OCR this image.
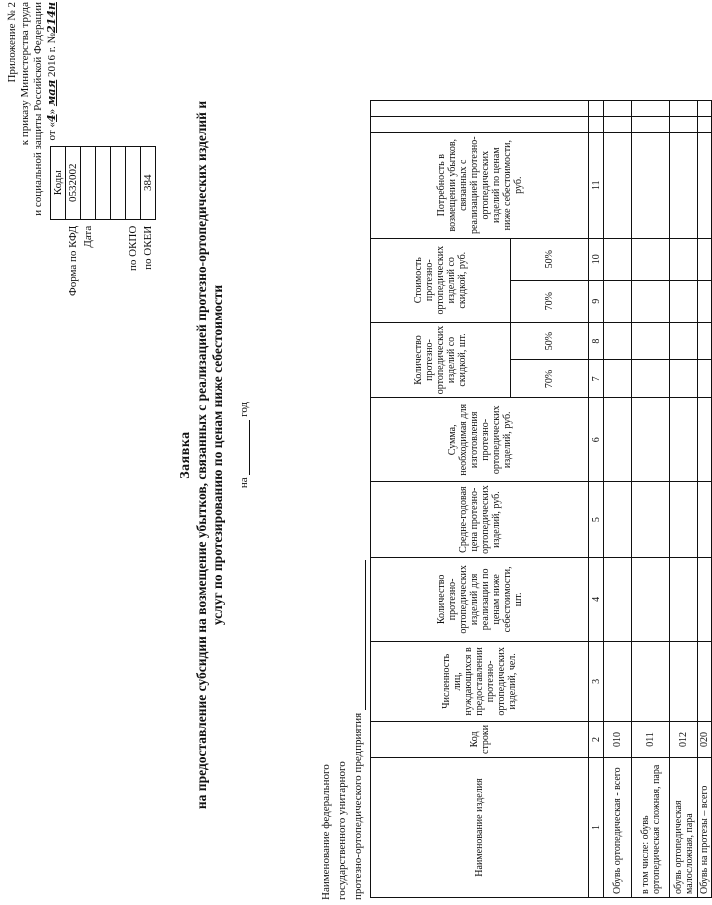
Приложение № 2 к приказу Министерства труда и социальной защиты Российской Федерации от «4» мая 2016 г. №214н
Заявка на предоставление субсидии на возмещение убытков, связанных с реализацией протезно-ортопедических изделий и услуг по протезированию по ценам ниже себестоимости на  год
	Коды
Форма по КФД	0532002
Дата	

по ОКПО	
по ОКЕИ	384
Наименование федерального государственного унитарного протезно-ортопедического предприятия	Наименование изделия	Код строки	Численность лиц, нуждающихся в предоставлении протезно-ортопедических изделий, чел.	Количество протезно-ортопедических изделий для реализации по ценам ниже себестоимости, шт.	Средне-годовая цена протезно-ортопедических изделий, руб.	Сумма, необходимая для изготовления протезно-ортопедических изделий, руб.	Количество протезно-ортопедических изделий со скидкой, шт.		Стоимость протезно-ортопедических изделий со скидкой, руб.		Потребность в возмещении убытков, связанных с реализацией протезно-ортопедических изделий по ценам ниже себестоимости, руб.		
						70%	50%	70%	50%			
1	2	3	4	5	6	7	8	9	10	11		
Обувь ортопедическая - всего	010											
в том числе: обувь ортопедическая сложная, пара	011											
обувь ортопедическая малосложная, пара	012											
Обувь на протезы – всего	020											
